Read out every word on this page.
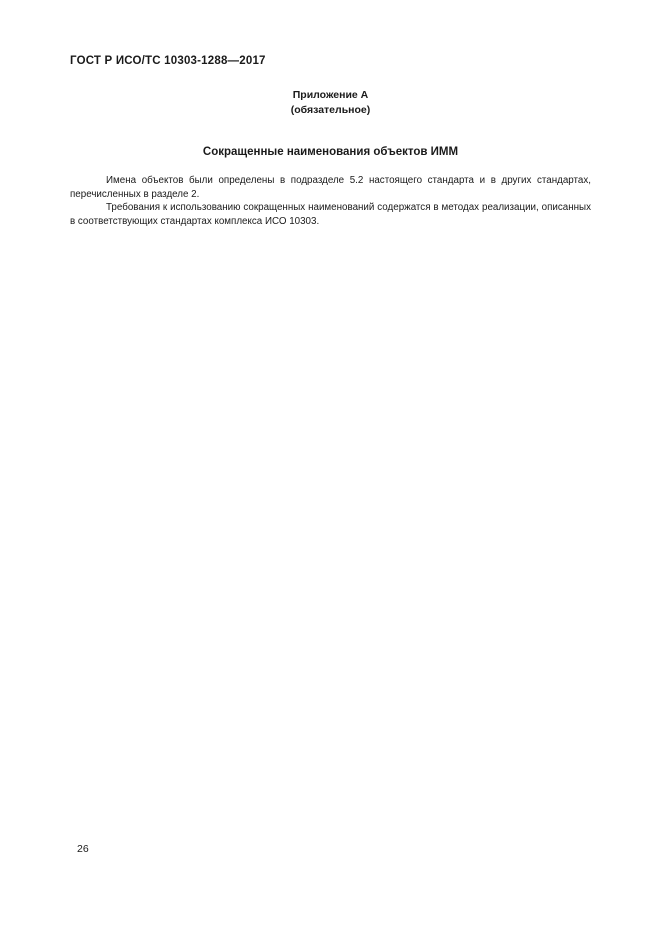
ГОСТ Р ИСО/ТС 10303-1288—2017
Приложение А
(обязательное)
Сокращенные наименования объектов ИММ

Имена объектов были определены в подразделе 5.2 настоящего стандарта и в других стандартах, перечисленных в разделе 2.

Требования к использованию сокращенных наименований содержатся в методах реализации, описанных в соответствующих стандартах комплекса ИСО 10303.

26
